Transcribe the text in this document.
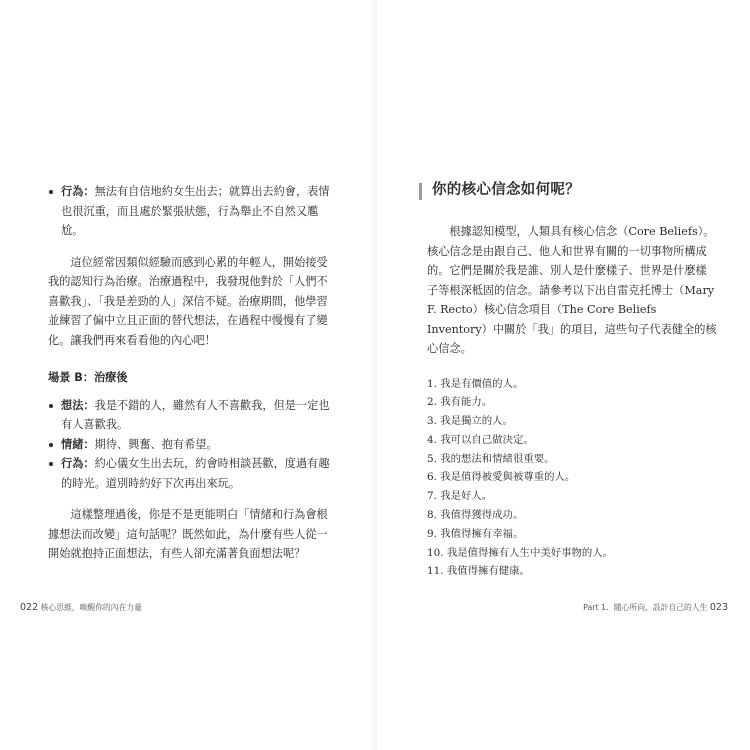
行為：無法有自信地約女生出去；就算出去約會，表情也很沉重，而且處於緊張狀態，行為舉止不自然又尷尬。

這位經常因類似經驗而感到心累的年輕人，開始接受我的認知行為治療。治療過程中，我發現他對於「人們不喜歡我」、「我是差勁的人」深信不疑。治療期間，他學習並練習了偏中立且正面的替代想法，在過程中慢慢有了變化。讓我們再來看看他的內心吧！

場景 B：治療後

想法：我是不錯的人，雖然有人不喜歡我，但是一定也有人喜歡我。

情緒：期待、興奮、抱有希望。

行為：約心儀女生出去玩，約會時相談甚歡，度過有趣的時光。道別時約好下次再出來玩。

這樣整理過後，你是不是更能明白「情緒和行為會根據想法而改變」這句話呢？既然如此，為什麼有些人從一開始就抱持正面想法，有些人卻充滿著負面想法呢？

022 核心思維，喚醒你的內在力量
你的核心信念如何呢？

根據認知模型，人類具有核心信念（Core Beliefs）。核心信念是由跟自己、他人和世界有關的一切事物所構成的。它們是關於我是誰、別人是什麼樣子、世界是什麼樣子等根深柢固的信念。請參考以下出自雷克托博士（Mary F. Recto）核心信念項目（The Core Beliefs Inventory）中關於「我」的項目，這些句子代表健全的核心信念。

1. 我是有價值的人。
2. 我有能力。
3. 我是獨立的人。
4. 我可以自己做決定。
5. 我的想法和情緒很重要。
6. 我是值得被愛與被尊重的人。
7. 我是好人。
8. 我值得獲得成功。
9. 我值得擁有幸福。
10. 我是值得擁有人生中美好事物的人。
11. 我值得擁有健康。
Part 1．隨心所向，設計自己的人生 023
